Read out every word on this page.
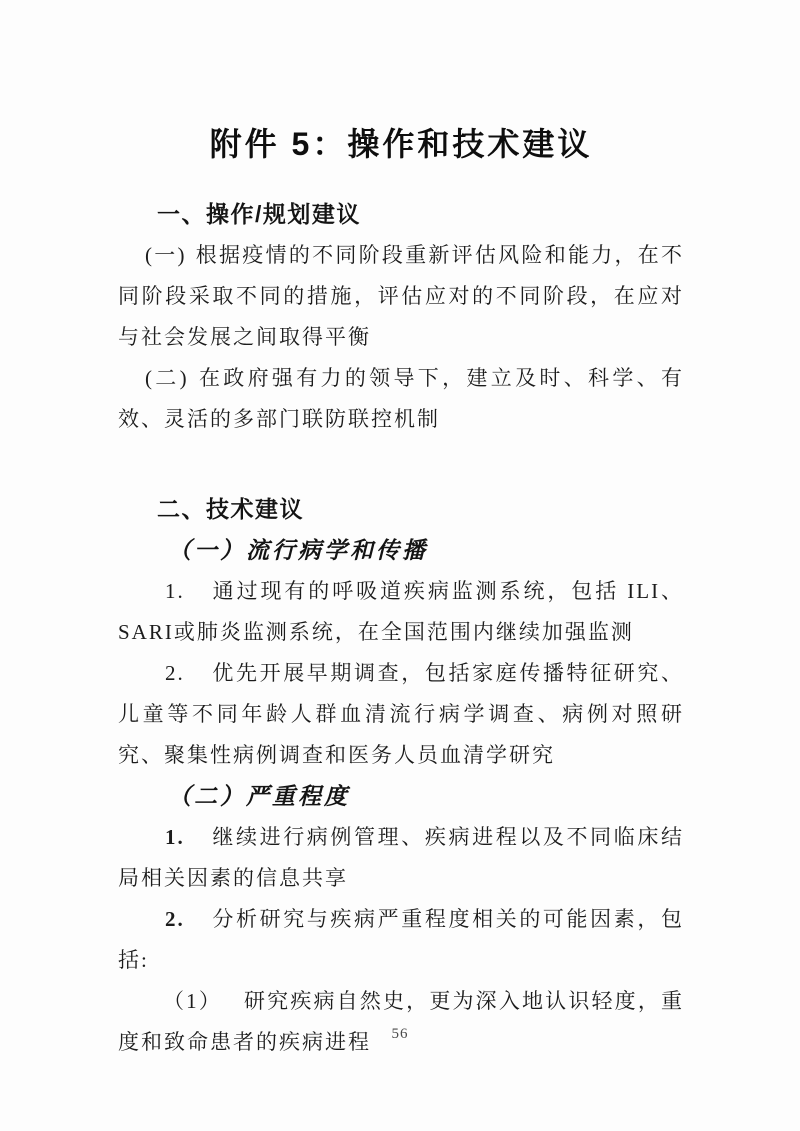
附件 5：操作和技术建议
一、操作/规划建议

(一) 根据疫情的不同阶段重新评估风险和能力，在不同阶段采取不同的措施，评估应对的不同阶段，在应对与社会发展之间取得平衡

(二) 在政府强有力的领导下，建立及时、科学、有效、灵活的多部门联防联控机制

二、技术建议
（一）流行病学和传播

1. 通过现有的呼吸道疾病监测系统，包括 ILI、SARI或肺炎监测系统，在全国范围内继续加强监测

2. 优先开展早期调查，包括家庭传播特征研究、儿童等不同年龄人群血清流行病学调查、病例对照研究、聚集性病例调查和医务人员血清学研究

（二）严重程度

1. 继续进行病例管理、疾病进程以及不同临床结局相关因素的信息共享

2. 分析研究与疾病严重程度相关的可能因素，包括:

（1） 研究疾病自然史，更为深入地认识轻度，重度和致命患者的疾病进程	56
